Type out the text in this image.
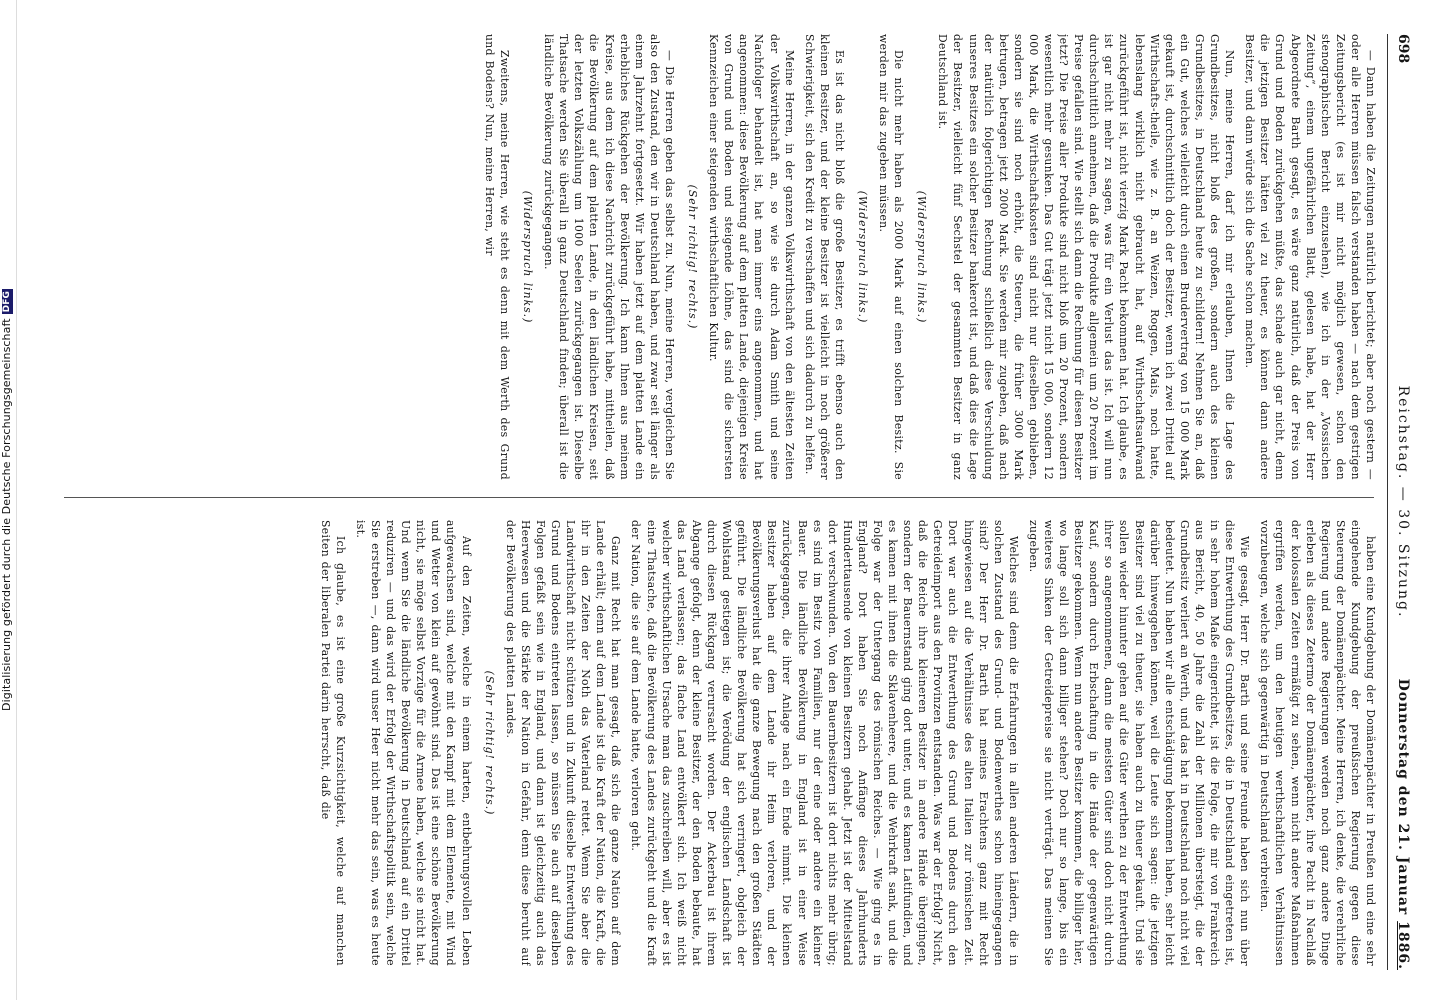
Digitalisierung gefördert durch die Deutsche ForschungsgemeinschaftDFG
698
Reichstag. — 30. Sitzung.
Donnerstag den 21. Januar 1886.

— Dann haben die Zeitungen natürlich berichtet; aber noch gestern — oder alle Herren müssen falsch verstanden haben — nach dem gestrigen Zeitungsbericht (es ist mir nicht möglich gewesen, schon den stenographischen Bericht einzusehen), wie ich in der „Vossischen Zeitung“, einem ungefährlichen Blatt, gelesen habe, hat der Herr Abgeordnete Barth gesagt, es wäre ganz natürlich, daß der Preis von Grund und Boden zurückgehen müßte, das schade auch gar nicht, denn die jetzigen Besitzer hätten viel zu theuer, es können dann andere Besitzer, und dann würde sich die Sache schon machen.

Nun, meine Herren, darf ich mir erlauben, Ihnen die Lage des Grundbesitzes, nicht bloß des großen, sondern auch des kleinen Grundbesitzes, in Deutschland heute zu schildern! Nehmen Sie an, daß ein Gut, welches vielleicht durch einen Brudervertrag von 15 000 Mark gekauft ist, durchschnittlich doch der Besitzer, wenn ich zwei Drittel auf Wirthschafts-theile, wie z. B. an Weizen, Roggen, Mais, noch hatte, lebenslang wirklich nicht gebraucht hat, auf Wirthschaftsaufwand zurückgeführt ist, nicht vierzig Mark Pacht bekommen hat. Ich glaube, es ist gar nicht mehr zu sagen, was für ein Verlust das ist. Ich will nun durchschnittlich annehmen, daß die Produkte allgemein um 20 Prozent im Preise gefallen sind. Wie stellt sich dann die Rechnung für diesen Besitzer jetzt? Die Preise aller Produkte sind nicht bloß um 20 Prozent, sondern wesentlich mehr gesunken. Das Gut trägt jetzt nicht 15 000, sondern 12 000 Mark, die Wirthschaftskosten sind nicht nur dieselben geblieben, sondern sie sind noch erhöht, die Steuern, die früher 3000 Mark betrugen, betragen jetzt 2000 Mark. Sie werden mir zugeben, daß nach der natürlich folgerichtigen Rechnung schließlich diese Verschuldung unseres Besitzes ein solcher Besitzer bankerott ist, und daß dies die Lage der Besitzer, vielleicht fünf Sechstel der gesammten Besitzer in ganz Deutschland ist.

(Widerspruch links.)

Die nicht mehr haben als 2000 Mark auf einen solchen Besitz. Sie werden mir das zugeben müssen.

(Widerspruch links.)

Es ist das nicht bloß die große Besitzer, es trifft ebenso auch den kleinen Besitzer, und der kleine Besitzer ist vielleicht in noch größerer Schwierigkeit, sich den Kredit zu verschaffen und sich dadurch zu helfen.

Meine Herren, in der ganzen Volkswirthschaft von den ältesten Zeiten der Volkswirthschaft an, so wie sie durch Adam Smith und seine Nachfolger behandelt ist, hat man immer eins angenommen, und hat angenommen: diese Bevölkerung auf dem platten Lande, diejenigen Kreise von Grund und Boden und steigende Löhne, das sind die sichersten Kennzeichen einer steigenden wirthschaftlichen Kultur.

(Sehr richtig! rechts.)

— Die Herren geben das selbst zu. Nun, meine Herren, vergleichen Sie also den Zustand, den wir in Deutschland haben, und zwar seit länger als einem Jahrzehnt fortgesetzt. Wir haben jetzt auf dem platten Lande ein erhebliches Rückgehen der Bevölkerung. Ich kann Ihnen aus meinem Kreise, aus dem ich diese Nachricht zurückgeführt habe, mittheilen, daß die Bevölkerung auf dem platten Lande, in den ländlichen Kreisen, seit der letzten Volkszählung um 1000 Seelen zurückgegangen ist. Dieselbe Thatsache werden Sie überall in ganz Deutschland finden; überall ist die ländliche Bevölkerung zurückgegangen.

(Widerspruch links.)

Zweitens, meine Herren, wie steht es denn mit dem Werth des Grund und Bodens? Nun, meine Herren, wir

haben eine Kundgebung der Domänenpächter in Preußen und eine sehr eingehende Kundgebung der preußischen Regierung gegen diese Steuerung der Domänenpächter. Meine Herren, ich denke, die verehrliche Regierung und andere Regierungen werden noch ganz andere Dinge erleben als dieses Zetermo der Domänenpächter, ihre Pacht in Nachlaß der kolossalen Zeiten ermäßigt zu sehen, wenn nicht andere Maßnahmen ergriffen werden, um den heutigen werthschaftlichen Verhältnissen vorzubeugen, welche sich gegenwärtig in Deutschland verbreiten.

Wie gesagt, Herr Dr. Barth und seine Freunde haben sich nun über diese Entwerthung des Grundbesitzes, die in Deutschland eingetreten ist, in sehr hohem Maße eingerichtet, ist die Folge, die mir von Frankreich aus Bericht, 40, 50 Jahre die Zahl der Millionen übersteigt, die der Grundbesitz verliert an Werth, und das hat in Deutschland noch nicht viel bedeutet. Nun haben wir alle entschädigung bekommen haben, sehr leicht darüber hinweggehen können, weil die Leute sich sagen: die jetzigen Besitzer sind viel zu theuer, sie haben auch zu theuer gekauft. Und sie sollen wieder hinunter gehen auf die Güter werthen zu der Entwerthung ihrer so angenommenen, dann die meisten Güter sind doch nicht durch Kauf, sondern durch Erbschaftung in die Hände der gegenwärtigen Besitzer gekommen. Wenn nun andere Besitzer kommen, die billiger hier, wo lange soll sich dann billiger stehen? Doch nur so lange, bis ein weiteres Sinken der Getreidepreise sie nicht verträgt. Das meinen Sie zugeben.

Welches sind denn die Erfahrungen in allen anderen Ländern, die in solchen Zustand des Grund- und Bodenwerthes schon hineingegangen sind? Der Herr Dr. Barth hat meines Erachtens ganz mit Recht hingewiesen auf die Verhältnisse des alten Italien zur römischen Zeit. Dort war auch die Entwerthung des Grund und Bodens durch den Getreideimport aus den Provinzen entstanden. Was war der Erfolg? Nicht, daß die Reiche ihre kleineren Besitzer in andere Hände übergingen, sondern der Bauernstand ging dort unter, und es kamen Latifundien, und es kamen mit ihnen die Sklavenheere, und die Wehrkraft sank, und die Folge war der Untergang des römischen Reiches. — Wie ging es in England? Dort haben Sie noch Anfänge dieses Jahrhunderts Hunderttausende von kleinen Besitzern gehabt. Jetzt ist der Mittelstand dort verschwunden. Von den Bauernbesitzern ist dort nichts mehr übrig; es sind im Besitz von Familien, nur der eine oder andere ein kleiner Bauer. Die ländliche Bevölkerung in England ist in einer Weise zurückgegangen, die ihrer Anlage nach ein Ende nimmt. Die kleinen Besitzer haben auf dem Lande ihr Heim verloren, und der Bevölkerungsverlust hat die ganze Bewegung nach den großen Städten geführt. Die ländliche Bevölkerung hat sich verringert, obgleich der Wohlstand gestiegen ist; die Verödung der englischen Landschaft ist durch diesen Rückgang verursacht worden. Der Ackerbau ist ihrem Abgange gefolgt, denn der kleine Besitzer, der den Boden bebaute, hat das Land verlassen; das flache Land entvölkert sich. Ich weiß nicht welcher wirthschaftlichen Ursache man das zuschreiben will, aber es ist eine Thatsache, daß die Bevölkerung des Landes zurückgeht und die Kraft der Nation, die sie auf dem Lande hatte, verloren geht.

Ganz mit Recht hat man gesagt, daß sich die ganze Nation auf dem Lande erhält; denn auf dem Lande ist die Kraft der Nation, die Kraft, die ihr in den Zeiten der Noth das Vaterland rettet. Wenn Sie aber die Landwirthschaft nicht schützen und in Zukunft dieselbe Entwerthung des Grund und Bodens eintreten lassen, so müssen Sie auch auf dieselben Folgen gefaßt sein wie in England, und dann ist gleichzeitig auch das Heerwesen und die Stärke der Nation in Gefahr, denn diese beruht auf der Bevölkerung des platten Landes.

(Sehr richtig! rechts.)

Auf den Zeiten, welche in einem harten, entbehrungsvollen Leben aufgewachsen sind, welche mit den Kampf mit dem Elemente, mit Wind und Wetter von klein auf gewöhnt sind. Das ist eine schöne Bevölkerung nicht, sie möge selbst Vorzüge für die Armee haben, welche sie nicht hat. Und wenn Sie die ländliche Bevölkerung in Deutschland auf ein Drittel reduziren — und das wird der Erfolg der Wirthschaftspolitik sein, welche Sie erstreben —, dann wird unser Heer nicht mehr das sein, was es heute ist.

Ich glaube, es ist eine große Kurzsichtigkeit, welche auf manchen Seiten der liberalen Partei darin herrscht, daß die
